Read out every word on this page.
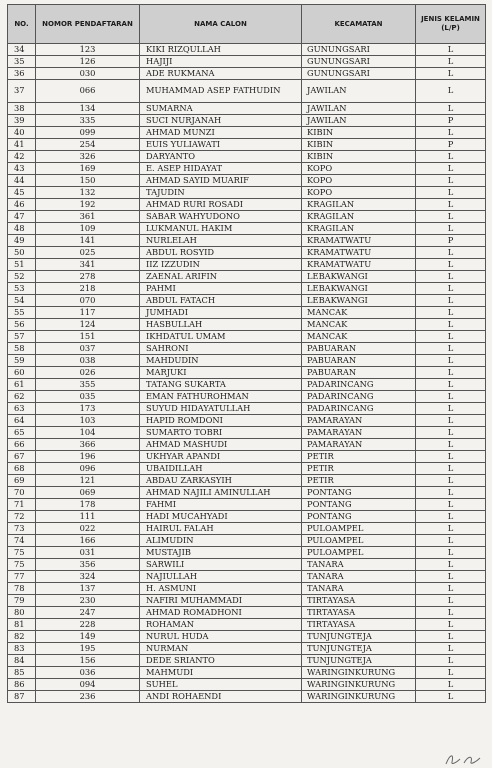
NO.	NOMOR PENDAFTARAN	NAMA CALON	KECAMATAN	JENIS KELAMIN (L/P)
34	123	KIKI RIZQULLAH	GUNUNGSARI	L
35	126	HAJIJI	GUNUNGSARI	L
36	030	ADE RUKMANA	GUNUNGSARI	L
37	066	MUHAMMAD ASEP FATHUDIN	JAWILAN	L
38	134	SUMARNA	JAWILAN	L
39	335	SUCI NURJANAH	JAWILAN	P
40	099	AHMAD MUNZI	KIBIN	L
41	254	EUIS YULIAWATI	KIBIN	P
42	326	DARYANTO	KIBIN	L
43	169	E. ASEP HIDAYAT	KOPO	L
44	150	AHMAD SAYID MUARIF	KOPO	L
45	132	TAJUDIN	KOPO	L
46	192	AHMAD RURI ROSADI	KRAGILAN	L
47	361	SABAR WAHYUDONO	KRAGILAN	L
48	109	LUKMANUL HAKIM	KRAGILAN	L
49	141	NURLELAH	KRAMATWATU	P
50	025	ABDUL ROSYID	KRAMATWATU	L
51	341	IIZ IZZUDIN	KRAMATWATU	L
52	278	ZAENAL ARIFIN	LEBAKWANGI	L
53	218	PAHMI	LEBAKWANGI	L
54	070	ABDUL FATACH	LEBAKWANGI	L
55	117	JUMHADI	MANCAK	L
56	124	HASBULLAH	MANCAK	L
57	151	IKHDATUL UMAM	MANCAK	L
58	037	SAHRONI	PABUARAN	L
59	038	MAHDUDIN	PABUARAN	L
60	026	MARJUKI	PABUARAN	L
61	355	TATANG SUKARTA	PADARINCANG	L
62	035	EMAN FATHUROHMAN	PADARINCANG	L
63	173	SUYUD HIDAYATULLAH	PADARINCANG	L
64	103	HAPID ROMDONI	PAMARAYAN	L
65	104	SUMARTO TOBRI	PAMARAYAN	L
66	366	AHMAD MASHUDI	PAMARAYAN	L
67	196	UKHYAR APANDI	PETIR	L
68	096	UBAIDILLAH	PETIR	L
69	121	ABDAU ZARKASYIH	PETIR	L
70	069	AHMAD NAJILI AMINULLAH	PONTANG	L
71	178	FAHMI	PONTANG	L
72	111	HADI MUCAHYADI	PONTANG	L
73	022	HAIRUL FALAH	PULOAMPEL	L
74	166	ALIMUDIN	PULOAMPEL	L
75	031	MUSTAJIB	PULOAMPEL	L
75	356	SARWILI	TANARA	L
77	324	NAJIULLAH	TANARA	L
78	137	H. ASMUNI	TANARA	L
79	230	NAFIRI MUHAMMADI	TIRTAYASA	L
80	247	AHMAD ROMADHONI	TIRTAYASA	L
81	228	ROHAMAN	TIRTAYASA	L
82	149	NURUL HUDA	TUNJUNGTEJA	L
83	195	NURMAN	TUNJUNGTEJA	L
84	156	DEDE SRIANTO	TUNJUNGTEJA	L
85	036	MAHMUDI	WARINGINKURUNG	L
86	094	SUHEL	WARINGINKURUNG	L
87	236	ANDI ROHAENDI	WARINGINKURUNG	L
